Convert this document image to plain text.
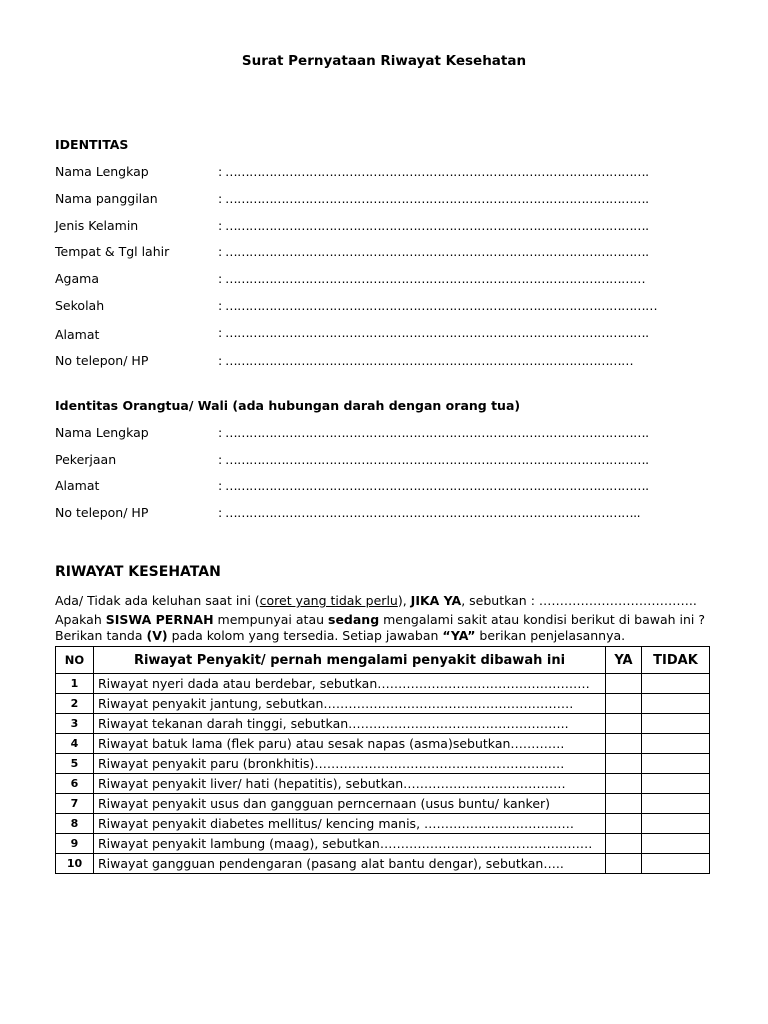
Surat Pernyataan Riwayat Kesehatan
IDENTITAS
Nama Lengkap	: …………………………………………………………………………………………….
Nama panggilan	: …………………………………………………………………………………………….
Jenis Kelamin	: …………………………………………………………………………………………….
Tempat & Tgl lahir	: …………………………………………………………………………………………….
Agama	: ……………………………………………………………………………………………
Sekolah	: ………………………………………………………………………………………………
Alamat	: …………………………………………………………………………………………….
No telepon/ HP	: …………………………………………………………………………………………
Identitas Orangtua/ Wali (ada hubungan darah dengan orang tua)
Nama Lengkap	: …………………………………………………………………………………………….
Pekerjaan	: …………………………………………………………………………………………….
Alamat	: …………………………………………………………………………………………….
No telepon/ HP	: …………………………………………………………………………………………..
RIWAYAT KESEHATAN
Ada/ Tidak ada keluhan saat ini (coret yang tidak perlu), JIKA YA, sebutkan : ………………………………..
Apakah SISWA PERNAH mempunyai atau sedang mengalami sakit atau kondisi berikut di bawah ini ?
Berikan tanda (V) pada kolom yang tersedia. Setiap jawaban “YA” berikan penjelasannya.
NO	Riwayat Penyakit/ pernah mengalami penyakit dibawah ini	YA	TIDAK
1	Riwayat nyeri dada atau berdebar, sebutkan……………………………………………		
2	Riwayat penyakit jantung, sebutkan……………………………………………………		
3	Riwayat tekanan darah tinggi, sebutkan……………………………………………..		
4	Riwayat batuk lama (flek paru) atau sesak napas (asma)sebutkan………….		
5	Riwayat penyakit paru (bronkhitis)……………………………………………………		
6	Riwayat penyakit liver/ hati (hepatitis), sebutkan…………………………………		
7	Riwayat penyakit usus dan gangguan perncernaan (usus buntu/ kanker)		
8	Riwayat penyakit diabetes mellitus/ kencing manis, ………………………………		
9	Riwayat penyakit lambung (maag), sebutkan……………………………………………		
10	Riwayat gangguan pendengaran (pasang alat bantu dengar), sebutkan…..		
